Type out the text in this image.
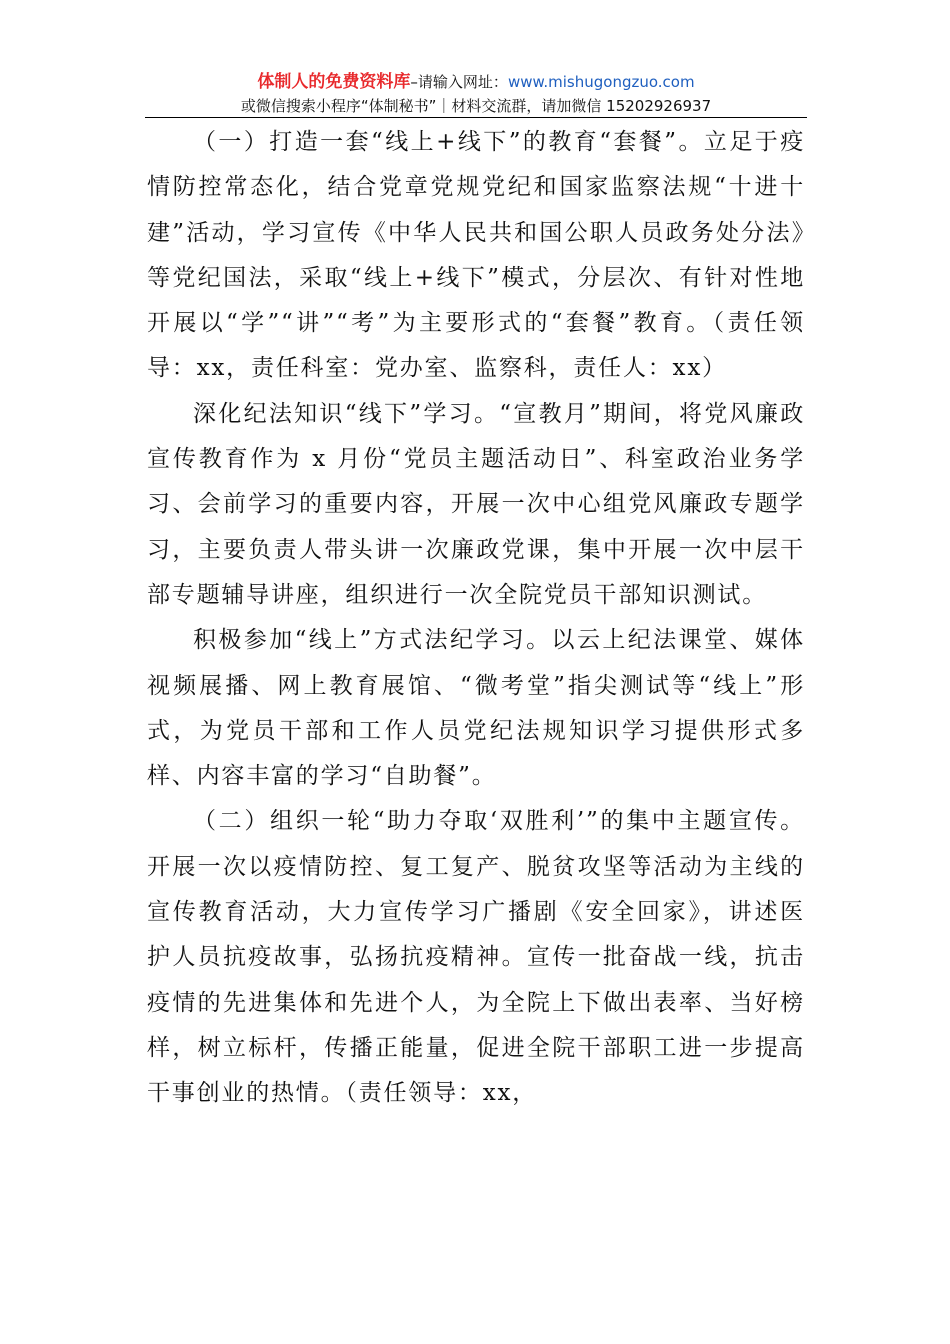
体制人的免费资料库–请输入网址：www.mishugongzuo.com
或微信搜索小程序“体制秘书”｜材料交流群，请加微信 15202926937

（一）打造一套“线上+线下”的教育“套餐”。立足于疫情防控常态化，结合党章党规党纪和国家监察法规“十进十建”活动，学习宣传《中华人民共和国公职人员政务处分法》等党纪国法，采取“线上+线下”模式，分层次、有针对性地开展以“学”“讲”“考”为主要形式的“套餐”教育。（责任领导：xx，责任科室：党办室、监察科，责任人：xx）

深化纪法知识“线下”学习。“宣教月”期间，将党风廉政宣传教育作为 x 月份“党员主题活动日”、科室政治业务学习、会前学习的重要内容，开展一次中心组党风廉政专题学习，主要负责人带头讲一次廉政党课，集中开展一次中层干部专题辅导讲座，组织进行一次全院党员干部知识测试。

积极参加“线上”方式法纪学习。以云上纪法课堂、媒体视频展播、网上教育展馆、“微考堂”指尖测试等“线上”形式，为党员干部和工作人员党纪法规知识学习提供形式多样、内容丰富的学习“自助餐”。

（二）组织一轮“助力夺取‘双胜利’”的集中主题宣传。开展一次以疫情防控、复工复产、脱贫攻坚等活动为主线的宣传教育活动，大力宣传学习广播剧《安全回家》，讲述医护人员抗疫故事，弘扬抗疫精神。宣传一批奋战一线，抗击疫情的先进集体和先进个人，为全院上下做出表率、当好榜样，树立标杆，传播正能量，促进全院干部职工进一步提高干事创业的热情。（责任领导：xx，
